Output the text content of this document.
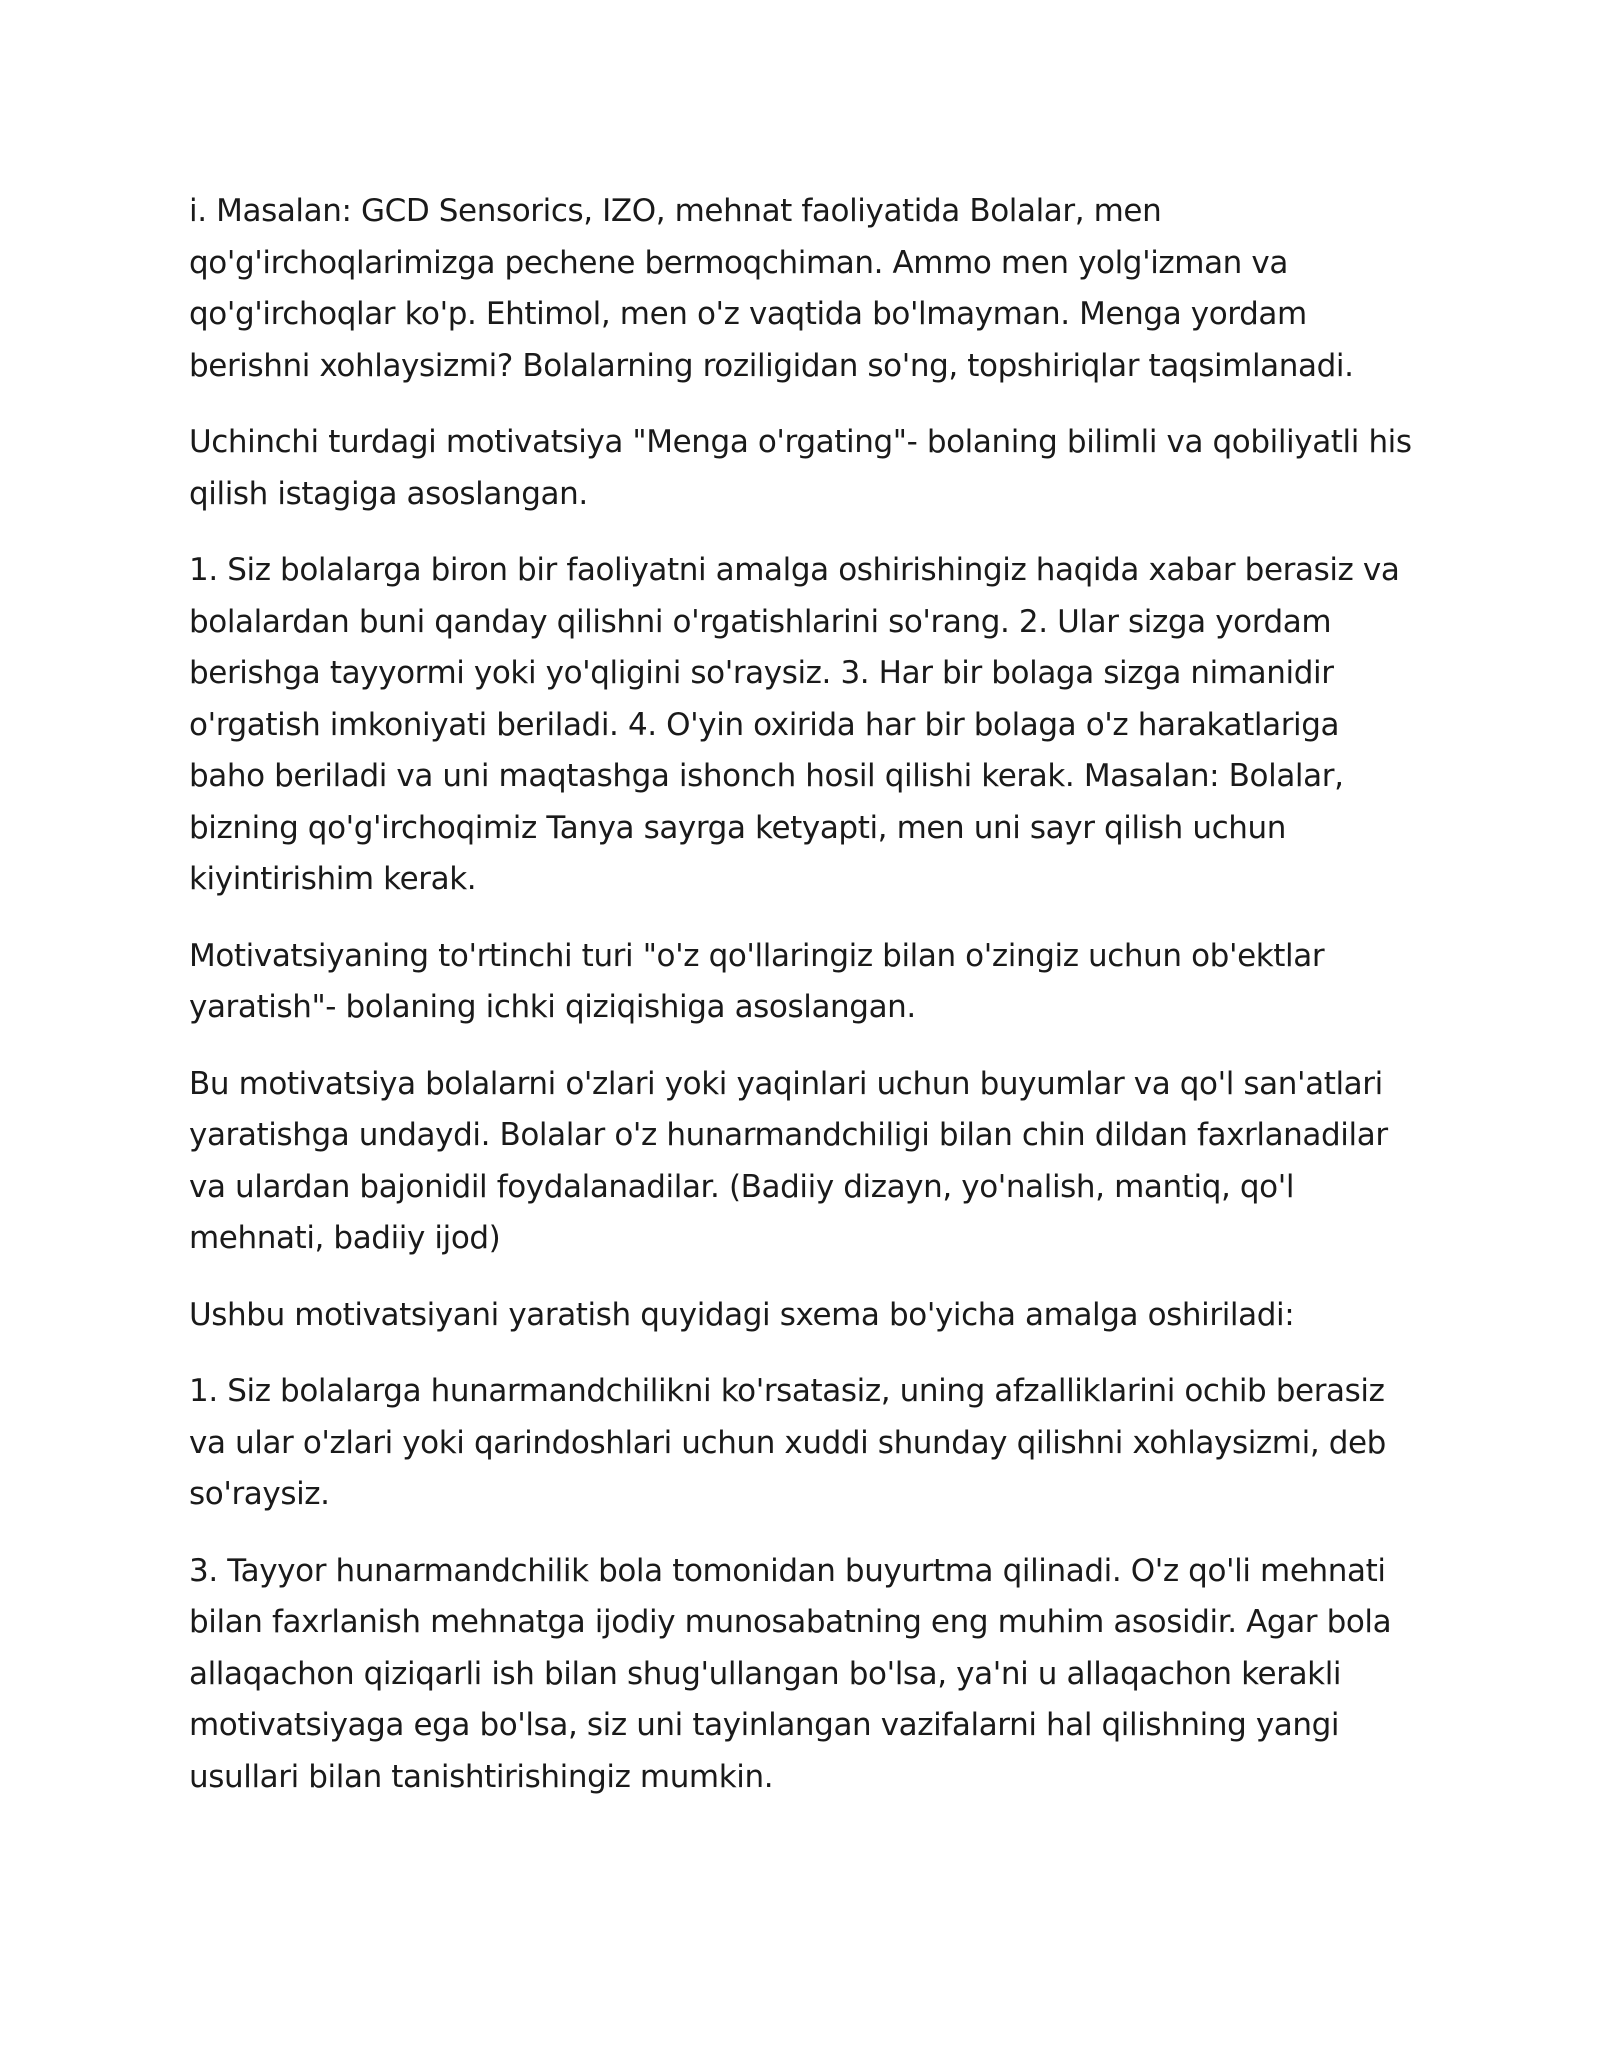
i. Masalan: GCD Sensorics, IZO, mehnat faoliyatida Bolalar, men qo'g'irchoqlarimizga pechene bermoqchiman. Ammo men yolg'izman va qo'g'irchoqlar ko'p. Ehtimol, men o'z vaqtida bo'lmayman. Menga yordam berishni xohlaysizmi? Bolalarning roziligidan so'ng, topshiriqlar taqsimlanadi.

Uchinchi turdagi motivatsiya "Menga o'rgating"- bolaning bilimli va qobiliyatli his qilish istagiga asoslangan.

1. Siz bolalarga biron bir faoliyatni amalga oshirishingiz haqida xabar berasiz va bolalardan buni qanday qilishni o'rgatishlarini so'rang. 2. Ular sizga yordam berishga tayyormi yoki yo'qligini so'raysiz. 3. Har bir bolaga sizga nimanidir o'rgatish imkoniyati beriladi. 4. O'yin oxirida har bir bolaga o'z harakatlariga baho beriladi va uni maqtashga ishonch hosil qilishi kerak. Masalan: Bolalar, bizning qo'g'irchoqimiz Tanya sayrga ketyapti, men uni sayr qilish uchun kiyintirishim kerak.

Motivatsiyaning to'rtinchi turi "o'z qo'llaringiz bilan o'zingiz uchun ob'ektlar yaratish"- bolaning ichki qiziqishiga asoslangan.

Bu motivatsiya bolalarni o'zlari yoki yaqinlari uchun buyumlar va qo'l san'atlari yaratishga undaydi. Bolalar o'z hunarmandchiligi bilan chin dildan faxrlanadilar va ulardan bajonidil foydalanadilar. (Badiiy dizayn, yo'nalish, mantiq, qo'l mehnati, badiiy ijod)

Ushbu motivatsiyani yaratish quyidagi sxema bo'yicha amalga oshiriladi:

1. Siz bolalarga hunarmandchilikni ko'rsatasiz, uning afzalliklarini ochib berasiz va ular o'zlari yoki qarindoshlari uchun xuddi shunday qilishni xohlaysizmi, deb so'raysiz.

3. Tayyor hunarmandchilik bola tomonidan buyurtma qilinadi. O'z qo'li mehnati bilan faxrlanish mehnatga ijodiy munosabatning eng muhim asosidir. Agar bola allaqachon qiziqarli ish bilan shug'ullangan bo'lsa, ya'ni u allaqachon kerakli motivatsiyaga ega bo'lsa, siz uni tayinlangan vazifalarni hal qilishning yangi usullari bilan tanishtirishingiz mumkin.
